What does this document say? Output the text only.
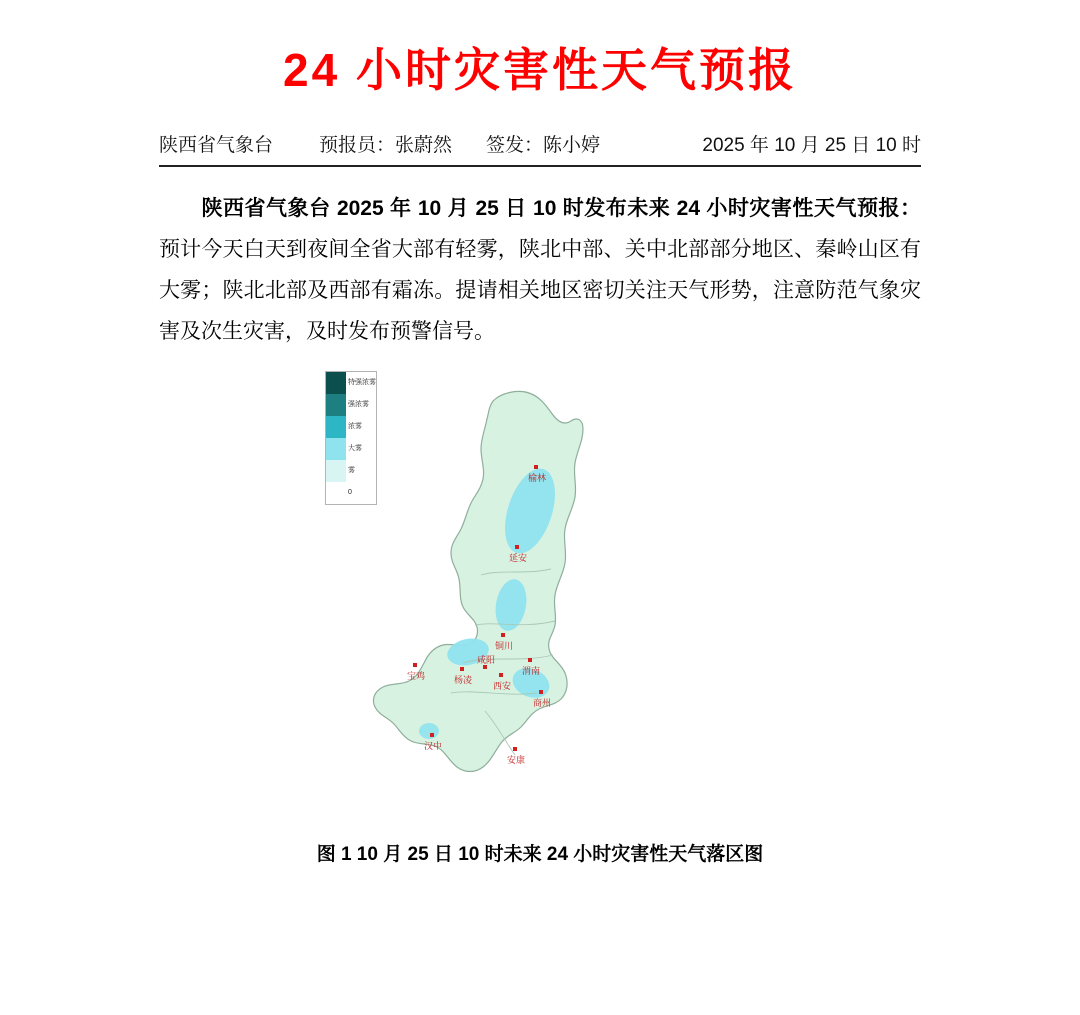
24 小时灾害性天气预报
陕西省气象台 预报员：张蔚然 签发：陈小婷	2025 年 10 月 25 日 10 时
陕西省气象台 2025 年 10 月 25 日 10 时发布未来 24 小时灾害性天气预报：预计今天白天到夜间全省大部有轻雾，陕北中部、关中北部部分地区、秦岭山区有大雾；陕北北部及西部有霜冻。提请相关地区密切关注天气形势，注意防范气象灾害及次生灾害，及时发布预警信号。
特强浓雾
强浓雾
浓雾
大雾
雾
0
榆林
延安
铜川
宝鸡	杨凌
咸阳
西安
渭南
商州
汉中
安康
图 1 10 月 25 日 10 时未来 24 小时灾害性天气落区图
